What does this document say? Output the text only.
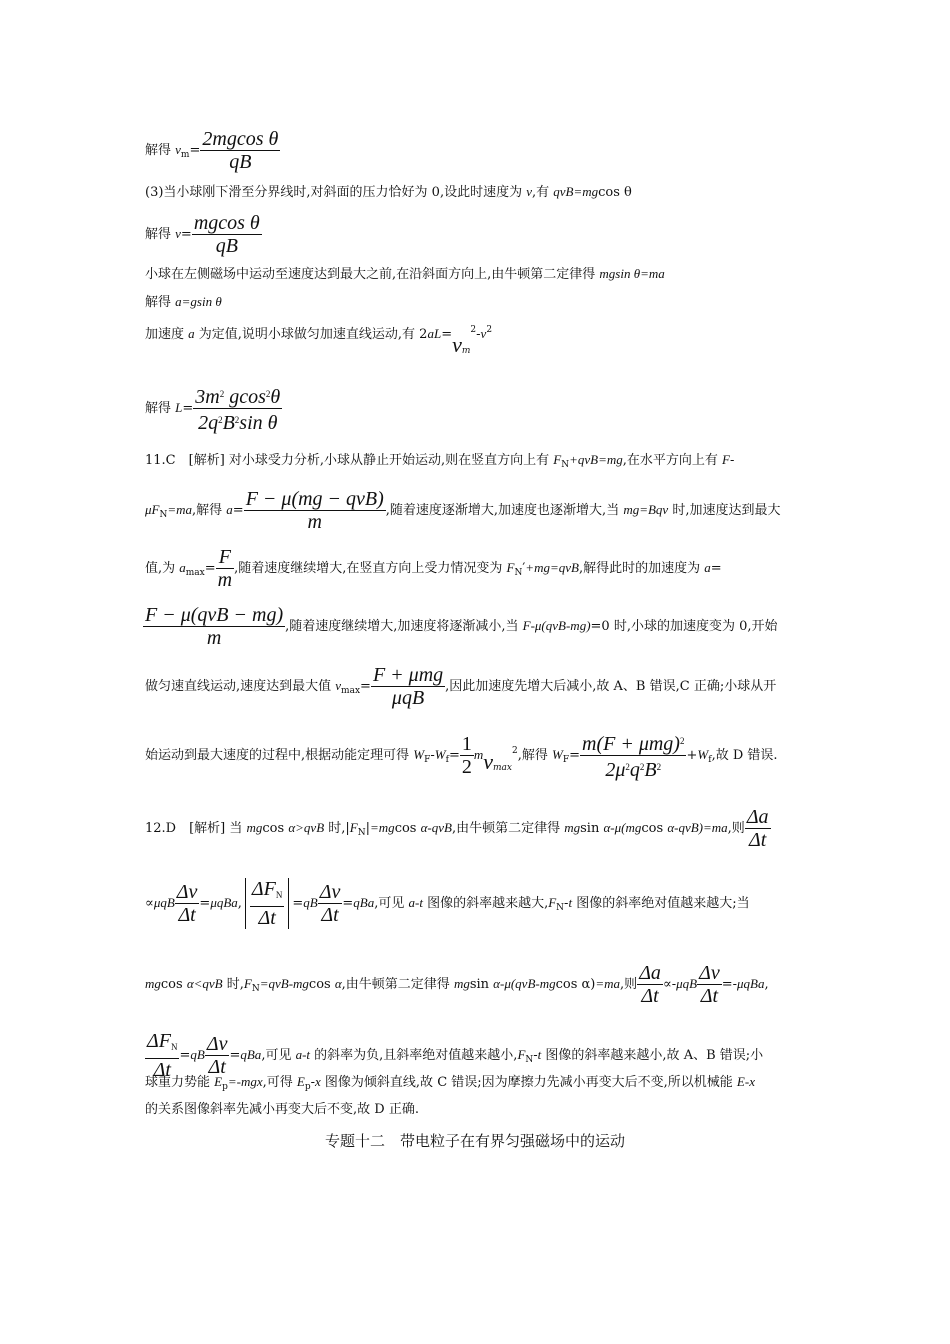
解得 $v_m= \frac{\text{2mgcos θ}}{qB}$
(3)当小球刚下滑至分界线时,对斜面的压力恰好为 0,设此时速度为 v,有 qvB=mgcos θ
解得 $v= \frac{\text{mgcos θ}}{qB}$
小球在左侧磁场中运动至速度达到最大之前,在沿斜面方向上,由牛顿第二定律得 mgsin θ=ma
解得 a=gsin θ
加速度 a 为定值,说明小球做匀加速直线运动,有 $2aL=v_m^2-v^2$
解得 $L= \frac{3m^2 gcos^2\theta}{2q^2B^2\sin \theta}$
11.C　[解析] 对小球受力分析,小球从静止开始运动,则在竖直方向上有 $F_N+qvB=mg$,在水平方向上有 F-
$\mu F_N=ma$,解得 a=
F − μ(mg − qvB)
m
,随着速度逐渐增大,加速度也逐渐增大,当 mg=Bqv 时,加速度达到最大
值,为 $a_{max}= \frac{F}{m}$ ,随着速度继续增大,在竖直方向上受力情况变为 $F_N'+mg=qvB$,解得此时的加速度为 a=
F − μ(qvB − mg)
m
,随着速度继续增大,加速度将逐渐减小,当 F-μ(qvB-mg)=0 时,小球的加速度变为 0,开始
做匀速直线运动,速度达到最大值 $v_{max}=$
F + μmg
μqB
,因此加速度先增大后减小,故 A、B 错误,C 正确;小球从开
始运动到最大速度的过程中,根据动能定理可得 $W_F-W_f= \frac{1}{2} mv_{max}^2$,解得 $W_F=$
$m(F + \mu mg)^2$
$2\mu^2q^2B^2$
$+W_f$,故 D 错误.
12.D　[解析] 当 mgcos α>qvB 时$,|F_N|=mgcos$ α-qvB,由牛顿第二定律得 mgsin α-μ(mgcos α-qvB)=ma,则 $\frac{\Delta a}{\Delta t}$
$\propto\mu qB \frac{\Delta v}{\Delta t} =\mu qBa$,
$\Delta F_N$
Δt
$=qB \frac{\Delta v}{\Delta t} =qBa$,可见 a-t 图像的斜率越来越大$,F_N-t$ 图像的斜率绝对值越来越大;当
mgcos α<qvB 时$,F_N=qvB$-mgcos α,由牛顿第二定律得 mgsin α-μ(qvB-mgcos α)=ma,则 $\frac{\Delta a}{\Delta t} \propto-\mu qB \frac{\Delta v}{\Delta t} =-\mu qBa$,
$\Delta F_N$
Δt
$=qB \frac{\Delta v}{\Delta t} =qBa$,可见 a-t 的斜率为负,且斜率绝对值越来越小$,F_N-t$ 图像的斜率越来越小,故 A、B 错误;小
球重力势能 $E_p=$-mgx,可得 $E_p-x$ 图像为倾斜直线,故 C 错误;因为摩擦力先减小再变大后不变,所以机械能 E-x
的关系图像斜率先减小再变大后不变,故 D 正确.
专题十二　带电粒子在有界匀强磁场中的运动
